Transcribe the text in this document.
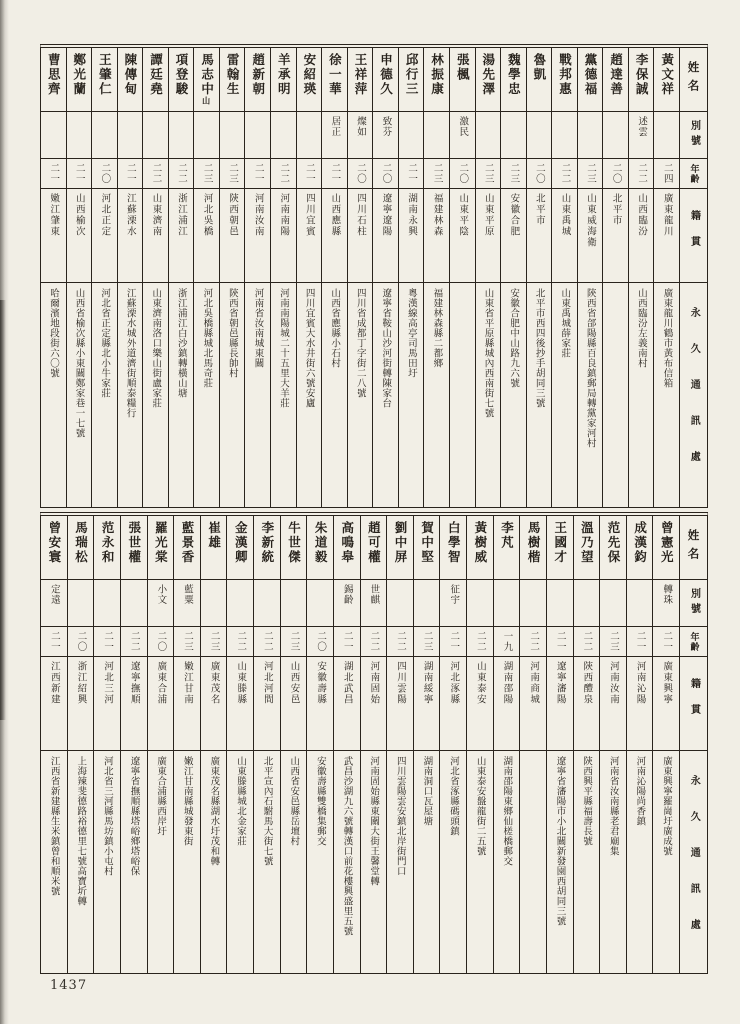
姓名
別號
年齡
籍貫
永久通訊處
黃文祥
二四
廣東龍川
廣東龍川鶴市黃布信箱
李保誠
述雲
二二
山西臨汾
山西臨汾左義南村
趙達善
二〇
北平市
黨德福
二三
山東威海衛
陝西省郃陽縣百良鎮郵局轉黨家河村
戰邦惠
二二
山東禹城
山東禹城薛家莊
魯凱
二〇
北平市
北平市西四後抄手胡同三號
魏學忠
二三
安徽合肥
安徽合肥中山路九六號
湯先澤
二三
山東平原
山東省平原縣城內西南街七號
張楓
激民
二〇
山東平陰
林振康
二三
福建林森
福建林森縣二都鄉
邱行三
二一
湖南永興
粵漢線高亭司馬田圩
申德久
致芬
二〇
遼寧遼陽
遼寧省鞍山沙河街轉陳家台
王祥萍
燦如
二〇
四川石柱
四川省成都丁字街二八號
徐一華
居正
二一
山西應縣
山西省應縣小石村
安紹瑛
二一
四川宜賓
四川宜賓大水井街六號安廬
羊承明
二二
河南南陽
河南南陽城二十五里大羊莊
趙新朝
二一
河南汝南
河南省汝南城東關
雷翰生
二三
陝西朝邑
陝西省朝邑縣長帥村
馬志中山
二三
河北吳橋
河北吳橋縣城北馬奇莊
項登駿
二二
浙江浦江
浙江浦江白沙鎮轉橫山塘
譚廷堯
二二
山東濟南
山東濟南洛口樂山街盧家莊
陳傳甸
二一
江蘇溧水
江蘇溧水城外道濟街順泰糧行
王肇仁
二〇
河北正定
河北省正定縣北小牛家莊
鄭光蘭
二一
山西榆次
山西省榆次縣小東關鄭家巷一七號
曹思齊
二一
嫩江肇東
哈爾濱地段街六〇號
姓名
別號
年齡
籍貫
永久通訊處
曾憲光
轉珠
二一
廣東興寧
廣東興寧羅崗圩廣成號
成漢鈞
二一
河南沁陽
河南沁陽尚香鎮
范先保
二三
河南汝南
河南省汝南縣老君廟集
溫乃望
二二
陝西醴泉
陝西興平縣福壽長號
王國才
二一
遼寧瀋陽
遼寧省瀋陽市小北關新發園西胡同三號
馬樹楷
二二
河南商城
李芃
一九
湖南邵陽
湖南邵陽東鄉仙槎橋郵交
黃樹威
二二
山東泰安
山東泰安盤龍街二五號
白學智
征宇
二一
河北涿縣
河北省涿縣碼頭鎮
賀中堅
二三
湖南綏寧
湖南洞口瓦屋塘
劉中屏
二二
四川雲陽
四川雲陽雲安鎮北岸街門口
趙可權
世麒
二二
河南固始
河南固始縣東關大街王馨堂轉
高鳴皋
錫齡
二一
湖北武昌
武昌沙湖九六號轉漢口前花樓興盛里五號
朱道毅
二〇
安徽壽縣
安徽壽縣雙橋集郵交
牛世傑
二三
山西安邑
山西省安邑縣岳壇村
李新統
二二
河北河間
北平宣內石駙馬大街七號
金漢卿
二二
山東滕縣
山東滕縣城北金家莊
崔雄
二三
廣東茂名
廣東茂名縣湖水圩茂和轉
藍景香
藍粟
二三
嫩江甘南
嫩江甘南縣城發東街
羅光棠
小文
二〇
廣東合浦
廣東合浦縣西岸圩
張世權
二二
遼寧撫順
遼寧省撫順縣塔峪鄉塔峪保
范永和
二一
河北三河
河北省三河縣馬坊鎮小屯村
馬瑞松
二〇
浙江紹興
上海辣斐德路裕德里七號高寶圻轉
曾安寰
定遠
二一
江西新建
江西省新建縣生米鎮曾和順米號
1437
